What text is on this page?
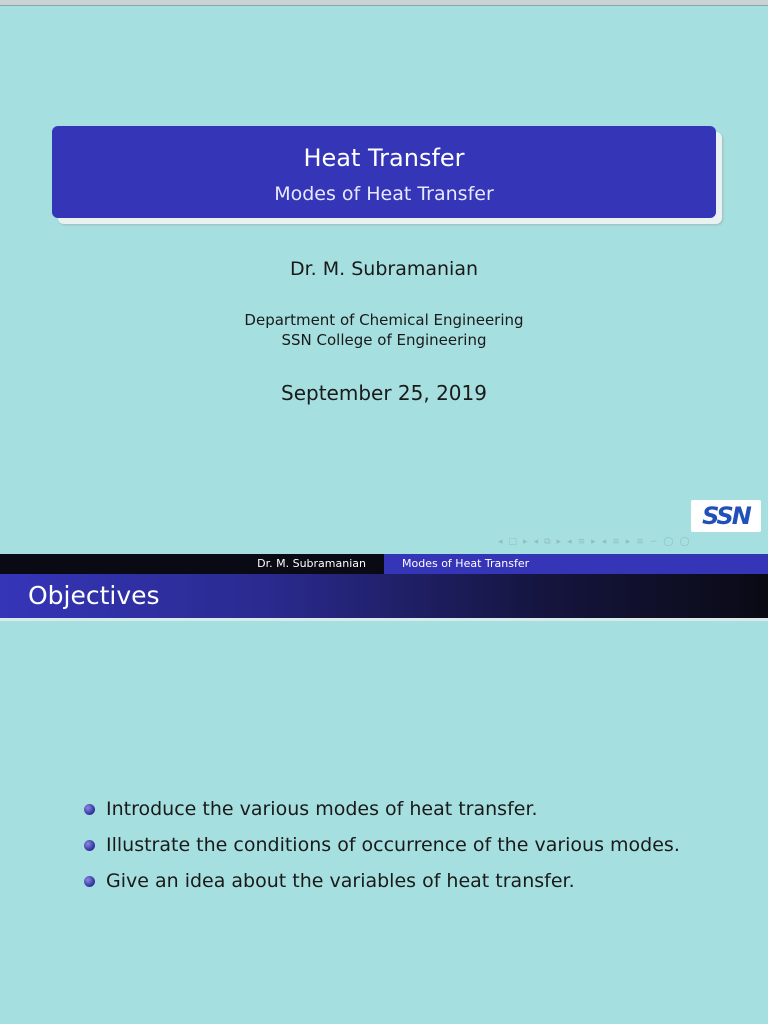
Heat Transfer
Modes of Heat Transfer
Dr. M. Subramanian
Department of Chemical Engineering
SSN College of Engineering
September 25, 2019
SSN
◂ □ ▸ ◂ ⧉ ▸ ◂ ≡ ▸ ◂ ≡ ▸ ≡ ∽ ◯ ◯
Dr. M. Subramanian	Modes of Heat Transfer
Objectives
Introduce the various modes of heat transfer.
Illustrate the conditions of occurrence of the various modes.
Give an idea about the variables of heat transfer.
